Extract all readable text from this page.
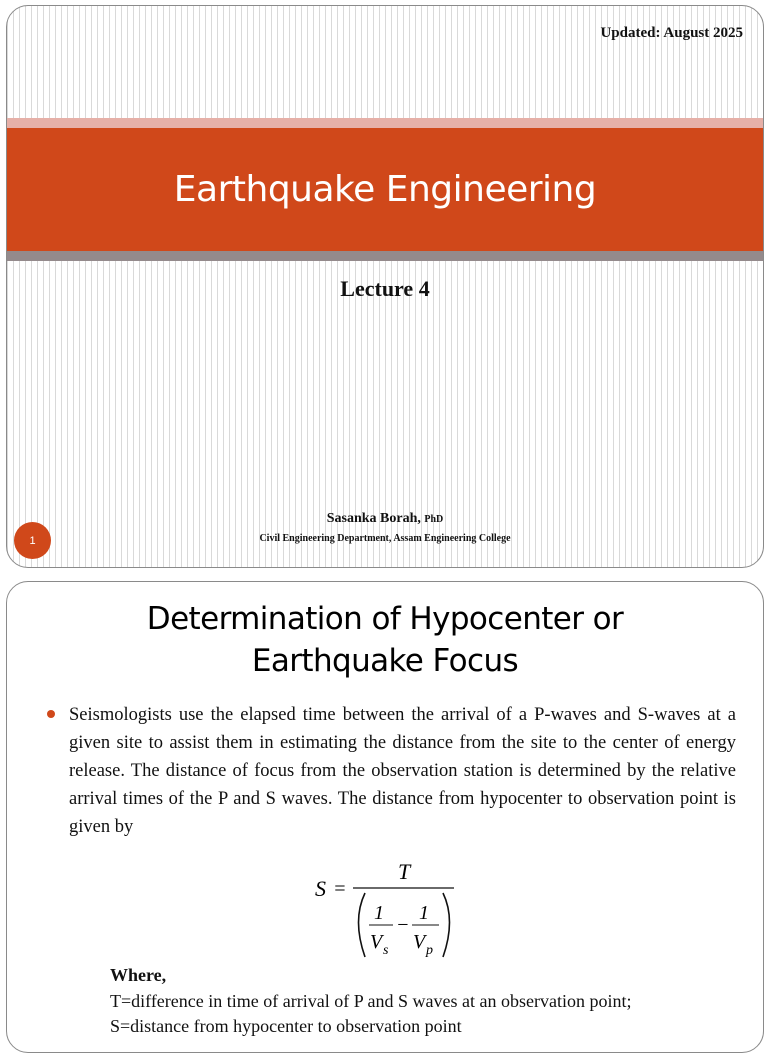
Updated: August 2025
Earthquake Engineering
Lecture 4
Sasanka Borah, PhD
Civil Engineering Department, Assam Engineering College
1
Determination of Hypocenter or
Earthquake Focus
Seismologists use the elapsed time between the arrival of a P-waves and S-waves at a given site to assist them in estimating the distance from the site to the center of energy release. The distance of focus from the observation station is determined by the relative arrival times of the P and S waves. The distance from hypocenter to observation point is given by
S =
T
1
V s
−
1
V p
Where,
T=difference in time of arrival of P and S waves at an observation point;
S=distance from hypocenter to observation point
